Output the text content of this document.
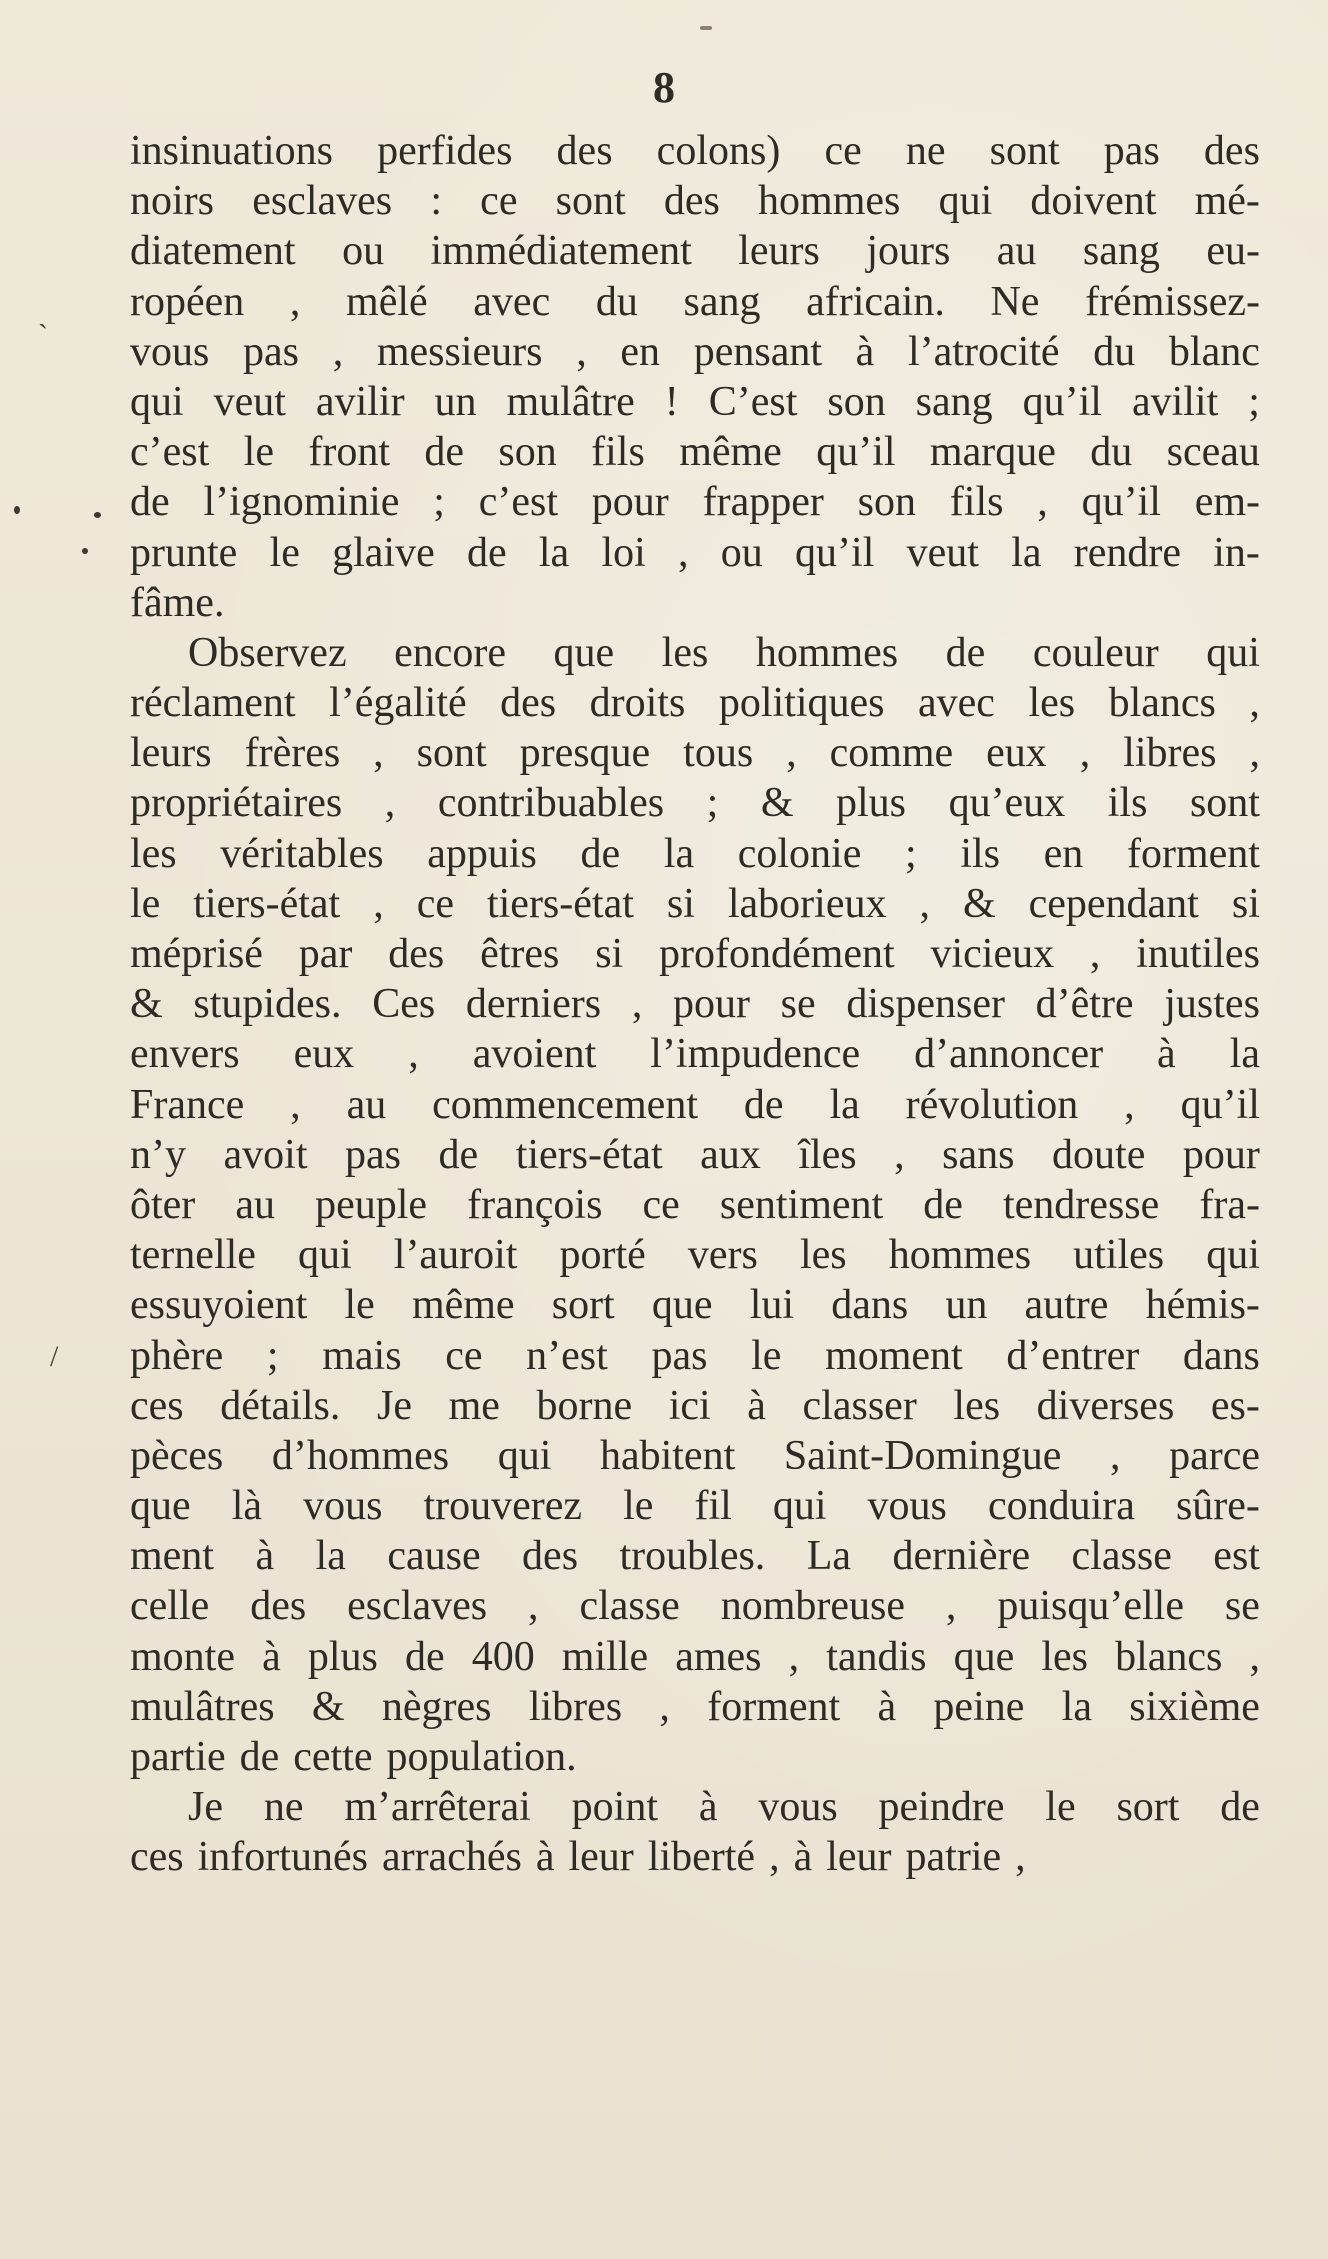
8
ˏ
/
insinuations perfides des colons) ce ne sont pas des
noirs esclaves : ce sont des hommes qui doivent mé-
diatement ou immédiatement leurs jours au sang eu-
ropéen , mêlé avec du sang africain. Ne frémissez-
vous pas , messieurs , en pensant à l’atrocité du blanc
qui veut avilir un mulâtre ! C’est son sang qu’il avilit ;
c’est le front de son fils même qu’il marque du sceau
de l’ignominie ; c’est pour frapper son fils , qu’il em-
prunte le glaive de la loi , ou qu’il veut la rendre in-
fâme.
Observez encore que les hommes de couleur qui
réclament l’égalité des droits politiques avec les blancs ,
leurs frères , sont presque tous , comme eux , libres ,
propriétaires , contribuables ; & plus qu’eux ils sont
les véritables appuis de la colonie ; ils en forment
le tiers-état , ce tiers-état si laborieux , & cependant si
méprisé par des êtres si profondément vicieux , inutiles
& stupides. Ces derniers , pour se dispenser d’être justes
envers eux , avoient l’impudence d’annoncer à la
France , au commencement de la révolution , qu’il
n’y avoit pas de tiers-état aux îles , sans doute pour
ôter au peuple françois ce sentiment de tendresse fra-
ternelle qui l’auroit porté vers les hommes utiles qui
essuyoient le même sort que lui dans un autre hémis-
phère ; mais ce n’est pas le moment d’entrer dans
ces détails. Je me borne ici à classer les diverses es-
pèces d’hommes qui habitent Saint-Domingue , parce
que là vous trouverez le fil qui vous conduira sûre-
ment à la cause des troubles. La dernière classe est
celle des esclaves , classe nombreuse , puisqu’elle se
monte à plus de 400 mille ames , tandis que les blancs ,
mulâtres & nègres libres , forment à peine la sixième
partie de cette population.
Je ne m’arrêterai point à vous peindre le sort de
ces infortunés arrachés à leur liberté , à leur patrie ,
